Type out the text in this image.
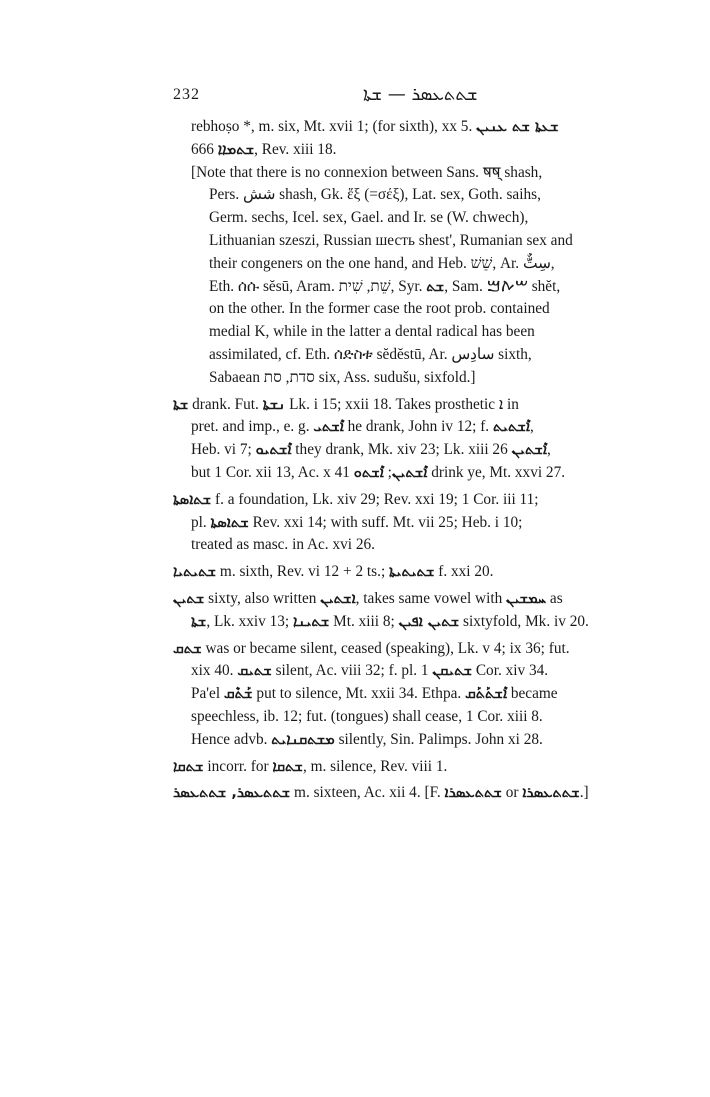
232	ܫܬܬܥܣܪ — ܫܬܐ
rebhoṣo *, m. six, Mt. xvii 1; (for sixth), xx 5. ܫܥܬܐ ܫܬ ܥܢܝܢ
ܫܬܡܐܐ 666, Rev. xiii 18.
[Note that there is no connexion between Sans. षष् shash,
Pers. شش shash, Gk. ἕξ (=σέξ), Lat. sex, Goth. saihs,
Germ. sechs, Icel. sex, Gael. and Ir. se (W. chwech),
Lithuanian szeszi, Russian шесть shest', Rumanian sex and
their congeners on the one hand, and Heb. שֵׁשׁ, Ar. سِتٌّ,
Eth. ሰሱ sĕsū, Aram. שֵׁת, שִׁית, Syr. ܫܬ, Sam. ࠔࠕࠌ shĕt,
on the other. In the former case the root prob. contained
medial K, while in the latter a dental radical has been
assimilated, cf. Eth. ሰድስቱ sĕdĕstū, Ar. سادِس sixth,
Sabaean סדת, סת six, Ass. sudušu, sixfold.]
ܫܬܐ drank. Fut. ܢܫܬܐ Lk. i 15; xxii 18. Takes prosthetic ܐ in
pret. and imp., e. g. ܐܶܫܬܝ he drank, John iv 12; f. ܐܶܫܬܝܬ,
Heb. vi 7; ܐܶܫܬܝܘ they drank, Mk. xiv 23; Lk. xiii 26 ܐܶܫܬܝܢ,
but 1 Cor. xii 13, Ac. x 41	ܐܶܫܬܝܢ; ܐܶܫܬܘ	drink ye, Mt. xxvi 27.
ܫܬܐܣܬܐ f. a foundation, Lk. xiv 29; Rev. xxi 19; 1 Cor. iii 11;
pl. ܫܬܐܣܬܐ Rev. xxi 14; with suff. Mt. vii 25; Heb. i 10;
treated as masc. in Ac. xvi 26.
ܫܬܝܬܝܐ m. sixth, Rev. vi 12 + 2 ts.; ܫܬܝܬܝܬܐ f. xxi 20.
ܫܬܝܢ sixty, also written ܐܫܬܝܢ, takes same vowel with ܚܡܫܝܢ as
ܫܬܐ, Lk. xxiv 13; ܫܬܝܢܐ Mt. xiii 8; ܫܬܝܢ ܐܦܝܢ sixtyfold, Mk. iv 20.
ܫܬܩ was or became silent, ceased (speaking), Lk. v 4; ix 36; fut.
xix 40. ܫܬܝܩ silent, Ac. viii 32; f. pl. ܫܬܝܩܢ 1 Cor. xiv 34.
Pa'el ܫܰܬܶܩ put to silence, Mt. xxii 34. Ethpa. ܐܶܫܬܰܬܰܩ became
speechless, ib. 12; fut. (tongues) shall cease, 1 Cor. xiii 8.
Hence advb. ܡܫܬܩܢܐܝܬ silently, Sin. Palimps. John xi 28.
ܫܬܩܐ incorr. for ܫܬܩܐ, m. silence, Rev. viii 1.
ܫܬܬܥܣܪ, ܫܬܬܥܣܪ m. sixteen, Ac. xii 4. [F. ܫܬܬܥܣܪܐ or ܫܬܬܥܣܪܐ.]
